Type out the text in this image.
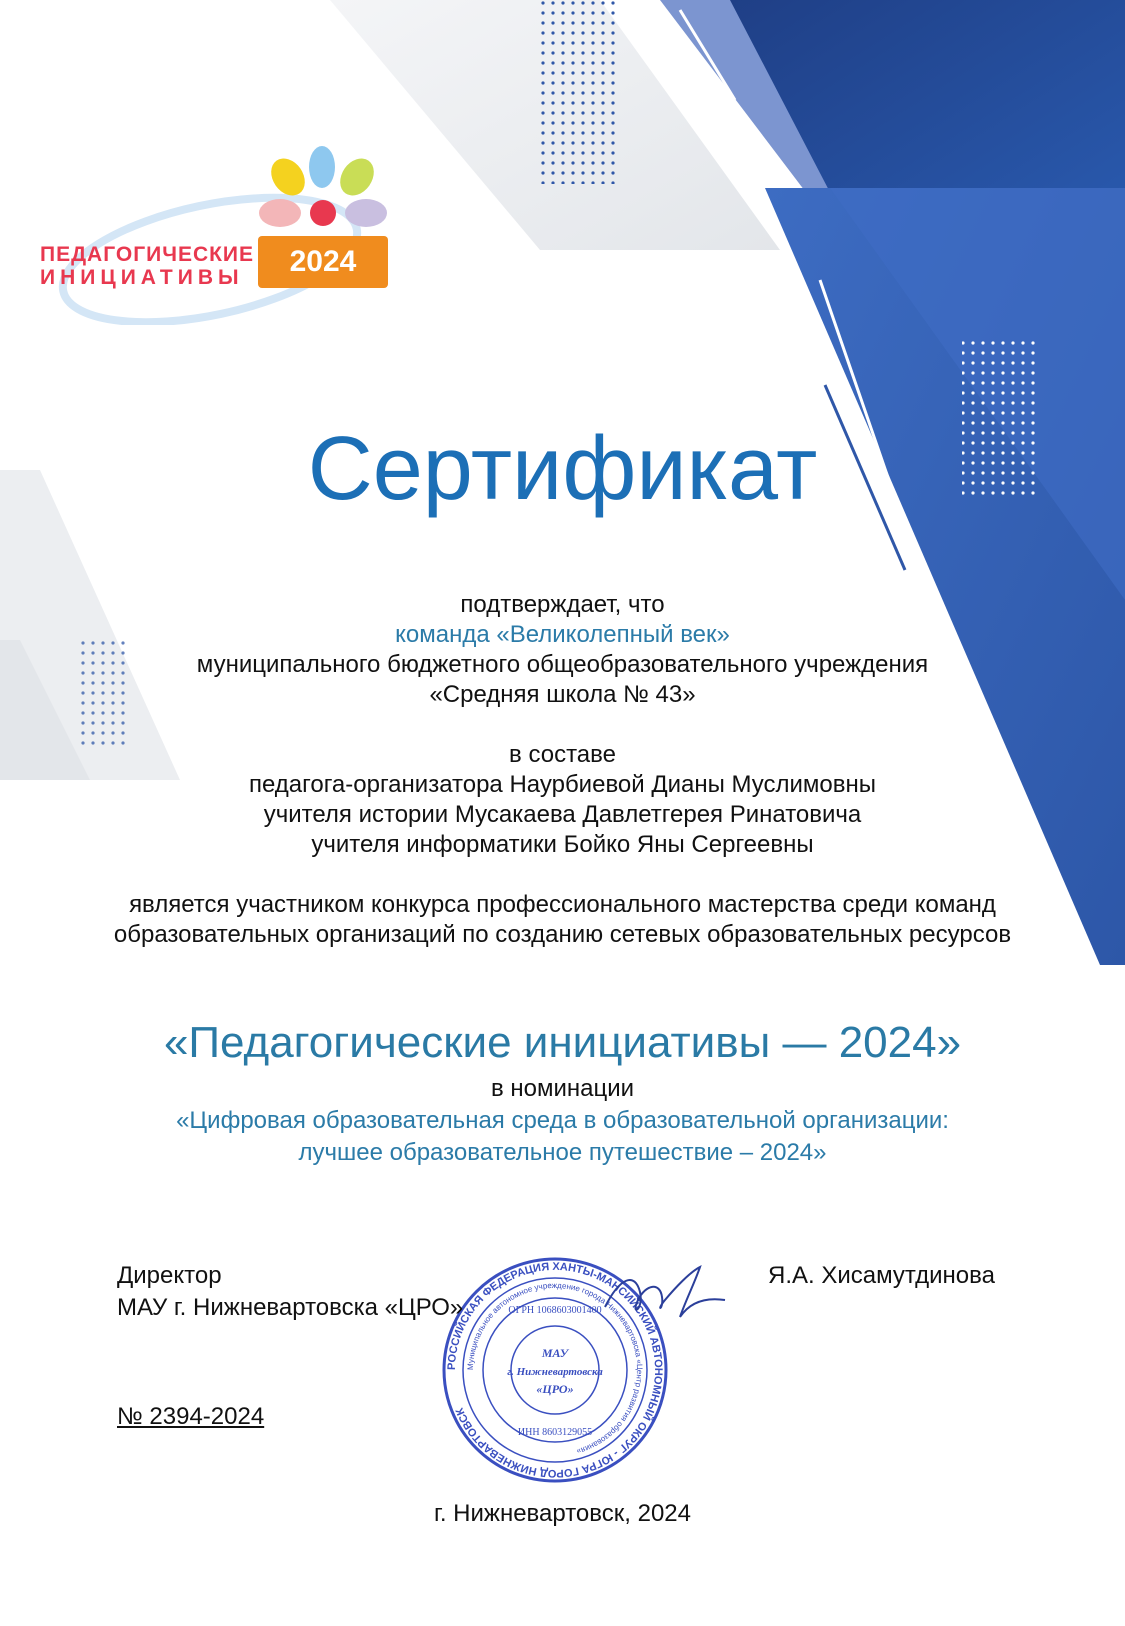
ПЕДАГОГИЧЕСКИЕ
ИНИЦИАТИВЫ	2024
Сертификат
подтверждает, что
команда «Великолепный век»
муниципального бюджетного общеобразовательного учреждения
«Средняя школа № 43»
в составе
педагога-организатора Наурбиевой Дианы Муслимовны
учителя истории Мусакаева Давлетгерея Ринатовича
учителя информатики Бойко Яны Сергеевны
является участником конкурса профессионального мастерства среди команд
образовательных организаций по созданию сетевых образовательных ресурсов
«Педагогические инициативы — 2024»
в номинации
«Цифровая образовательная среда в образовательной организации:
лучшее образовательное путешествие – 2024»
РОССИЙСКАЯ ФЕДЕРАЦИЯ ХАНТЫ-МАНСИЙСКИЙ АВТОНОМНЫЙ ОКРУГ - ЮГРА ГОРОД НИЖНЕВАРТОВСК
Муниципальное автономное учреждение города Нижневартовска «Центр развития образования»
ОГРН 1068603001400
ИНН 8603129055
МАУ
г. Нижневартовска
«ЦРО»
Директор
МАУ г. Нижневартовска «ЦРО»
Я.А. Хисамутдинова
№ 2394-2024
г. Нижневартовск, 2024
